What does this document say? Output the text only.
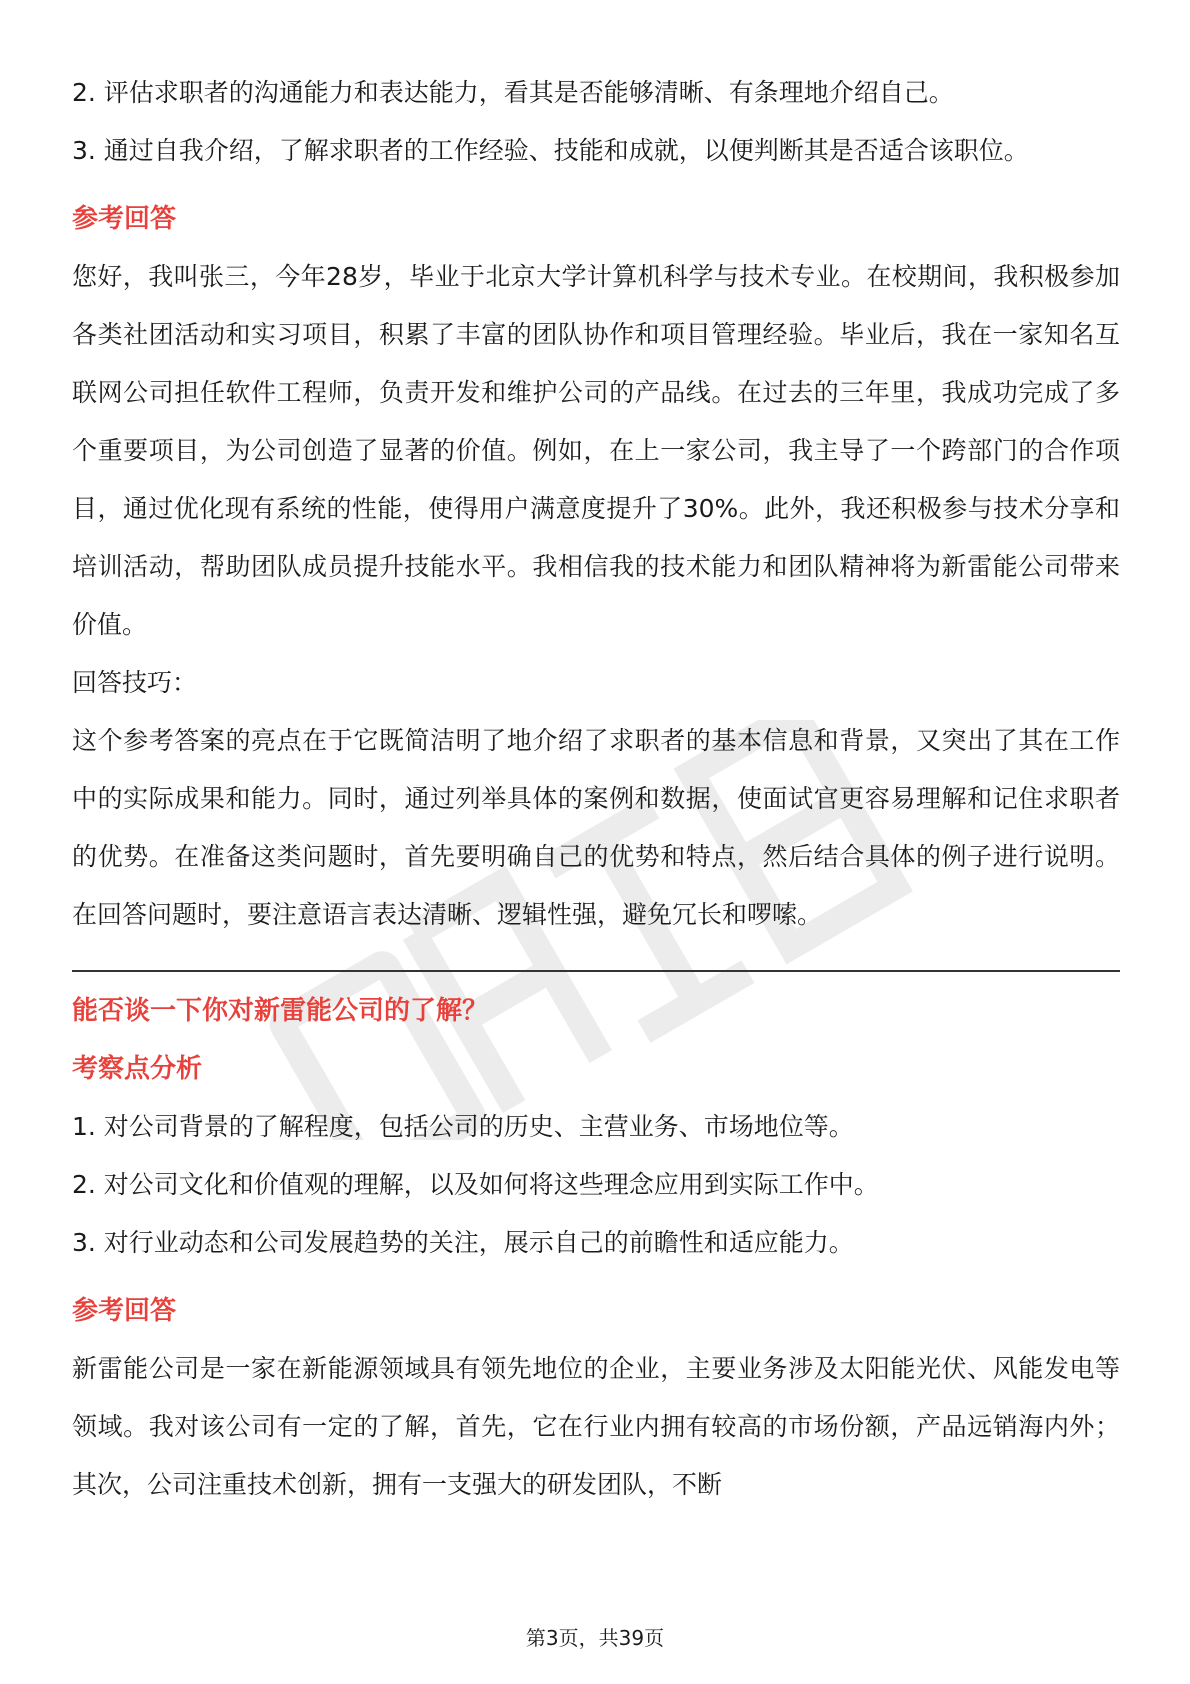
2. 评估求职者的沟通能力和表达能力，看其是否能够清晰、有条理地介绍自己。

3. 通过自我介绍，了解求职者的工作经验、技能和成就，以便判断其是否适合该职位。

参考回答

您好，我叫张三，今年28岁，毕业于北京大学计算机科学与技术专业。在校期间，我积极参加各类社团活动和实习项目，积累了丰富的团队协作和项目管理经验。毕业后，我在一家知名互联网公司担任软件工程师，负责开发和维护公司的产品线。在过去的三年里，我成功完成了多个重要项目，为公司创造了显著的价值。例如，在上一家公司，我主导了一个跨部门的合作项目，通过优化现有系统的性能，使得用户满意度提升了30%。此外，我还积极参与技术分享和培训活动，帮助团队成员提升技能水平。我相信我的技术能力和团队精神将为新雷能公司带来价值。

回答技巧：

这个参考答案的亮点在于它既简洁明了地介绍了求职者的基本信息和背景，又突出了其在工作中的实际成果和能力。同时，通过列举具体的案例和数据，使面试官更容易理解和记住求职者的优势。在准备这类问题时，首先要明确自己的优势和特点，然后结合具体的例子进行说明。在回答问题时，要注意语言表达清晰、逻辑性强，避免冗长和啰嗦。

能否谈一下你对新雷能公司的了解？

考察点分析

1. 对公司背景的了解程度，包括公司的历史、主营业务、市场地位等。

2. 对公司文化和价值观的理解，以及如何将这些理念应用到实际工作中。

3. 对行业动态和公司发展趋势的关注，展示自己的前瞻性和适应能力。

参考回答

新雷能公司是一家在新能源领域具有领先地位的企业，主要业务涉及太阳能光伏、风能发电等领域。我对该公司有一定的了解，首先，它在行业内拥有较高的市场份额，产品远销海内外；其次，公司注重技术创新，拥有一支强大的研发团队，不断

第3页，共39页
